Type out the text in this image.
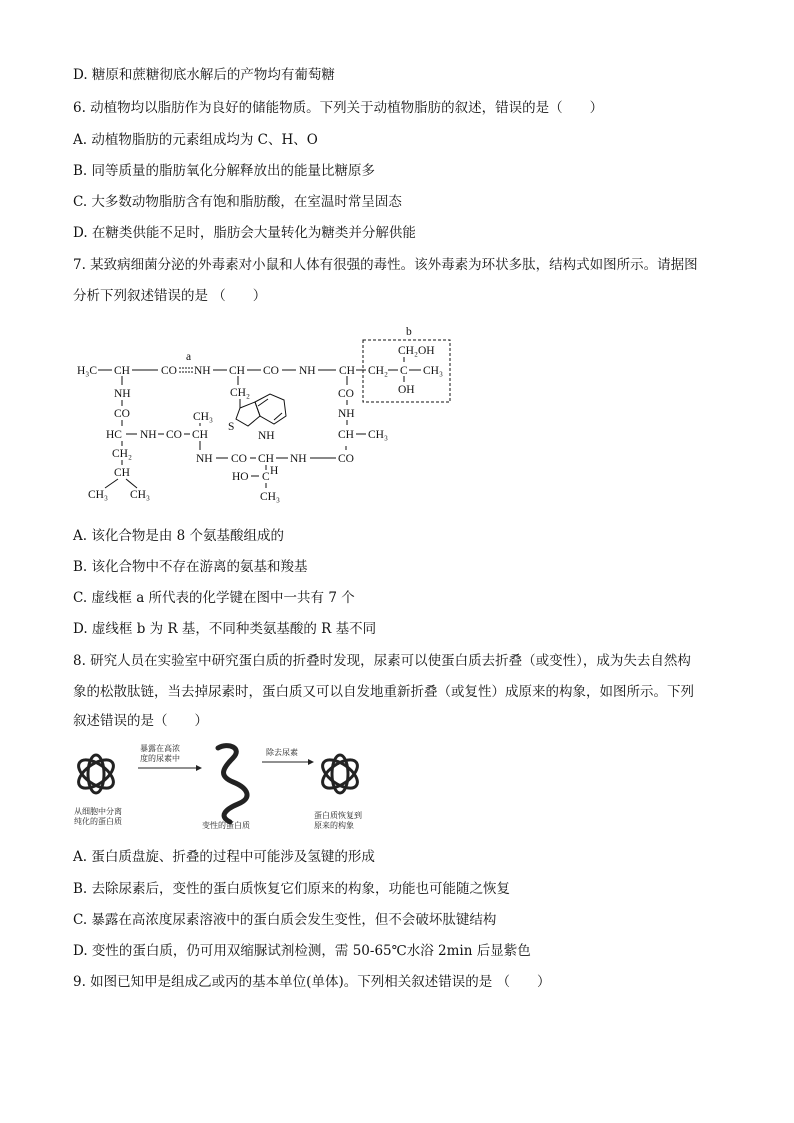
D. 糖原和蔗糖彻底水解后的产物均有葡萄糖
6. 动植物均以脂肪作为良好的储能物质。下列关于动植物脂肪的叙述，错误的是（　　）
A. 动植物脂肪的元素组成均为 C、H、O
B. 同等质量的脂肪氧化分解释放出的能量比糖原多
C. 大多数动物脂肪含有饱和脂肪酸，在室温时常呈固态
D. 在糖类供能不足时，脂肪会大量转化为糖类并分解供能
7. 某致病细菌分泌的外毒素对小鼠和人体有很强的毒性。该外毒素为环状多肽，结构式如图所示。请据图
分析下列叙述错误的是 （　　）
a
b
H₃C CH	CO NH CH CO NH CH CH₂ C CH₃
CH₂OH
OH
NH
CO
HC NH CO CH
CH₃
CH₂
CH
CH₃ CH₃
NH CO CH NH	CO
HO C H
CH₃
CH₂
S
NH
CO
NH
CH CH₃
A. 该化合物是由 8 个氨基酸组成的
B. 该化合物中不存在游离的氨基和羧基
C. 虚线框 a 所代表的化学键在图中一共有 7 个
D. 虚线框 b 为 R 基，不同种类氨基酸的 R 基不同
8. 研究人员在实验室中研究蛋白质的折叠时发现，尿素可以使蛋白质去折叠（或变性），成为失去自然构
象的松散肽链，当去掉尿素时，蛋白质又可以自发地重新折叠（或复性）成原来的构象，如图所示。下列
叙述错误的是（　　）
从细胞中分离
纯化的蛋白质
暴露在高浓
度的尿素中
变性的蛋白质
除去尿素
蛋白质恢复到
原来的构象
A. 蛋白质盘旋、折叠的过程中可能涉及氢键的形成
B. 去除尿素后，变性的蛋白质恢复它们原来的构象，功能也可能随之恢复
C. 暴露在高浓度尿素溶液中的蛋白质会发生变性，但不会破坏肽键结构
D. 变性的蛋白质，仍可用双缩脲试剂检测，需 50-65℃水浴 2min 后显紫色
9. 如图已知甲是组成乙或丙的基本单位(单体)。下列相关叙述错误的是 （　　）
